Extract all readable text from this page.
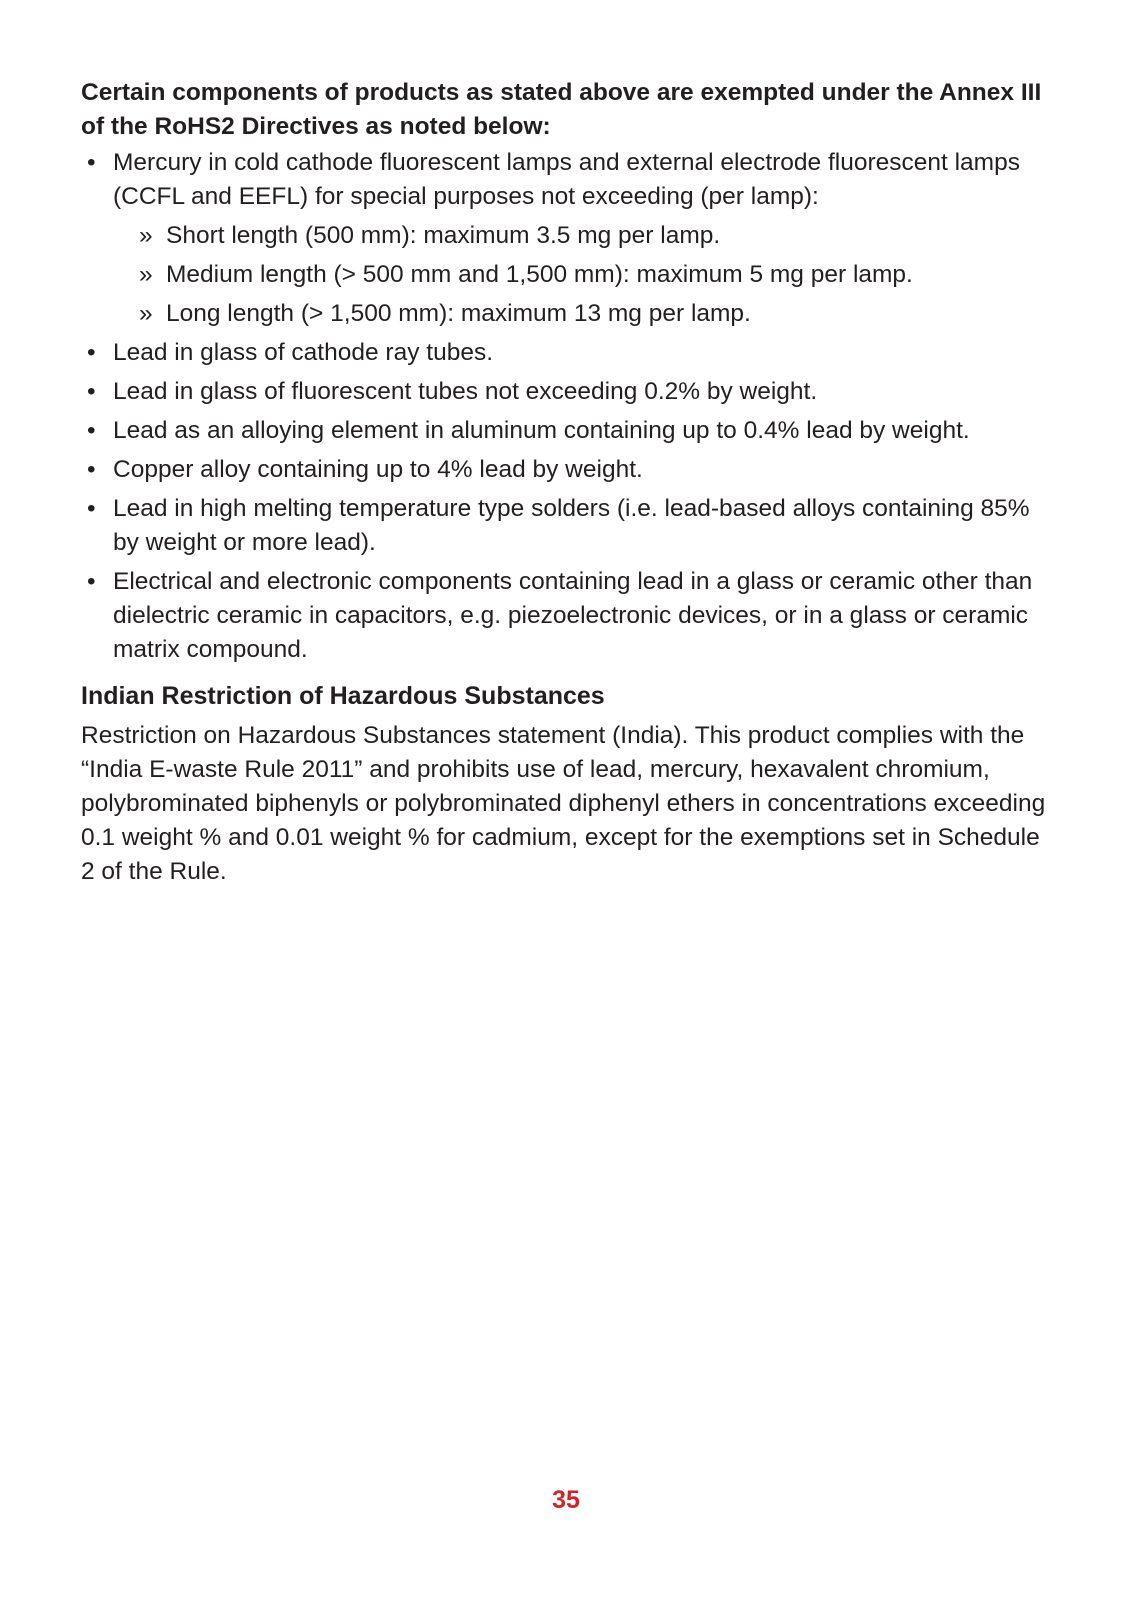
Certain components of products as stated above are exempted under the Annex III of the RoHS2 Directives as noted below:

• Mercury in cold cathode fluorescent lamps and external electrode fluorescent lamps (CCFL and EEFL) for special purposes not exceeding (per lamp):
» Short length (500 mm): maximum 3.5 mg per lamp.
» Medium length (> 500 mm and 1,500 mm): maximum 5 mg per lamp.
» Long length (> 1,500 mm): maximum 13 mg per lamp.
• Lead in glass of cathode ray tubes.
• Lead in glass of fluorescent tubes not exceeding 0.2% by weight.
• Lead as an alloying element in aluminum containing up to 0.4% lead by weight.
• Copper alloy containing up to 4% lead by weight.
• Lead in high melting temperature type solders (i.e. lead-based alloys containing 85% by weight or more lead).
• Electrical and electronic components containing lead in a glass or ceramic other than dielectric ceramic in capacitors, e.g. piezoelectronic devices, or in a glass or ceramic matrix compound.
Indian Restriction of Hazardous Substances

Restriction on Hazardous Substances statement (India). This product complies with the “India E-waste Rule 2011” and prohibits use of lead, mercury, hexavalent chromium, polybrominated biphenyls or polybrominated diphenyl ethers in concentrations exceeding 0.1 weight % and 0.01 weight % for cadmium, except for the exemptions set in Schedule 2 of the Rule.

35
